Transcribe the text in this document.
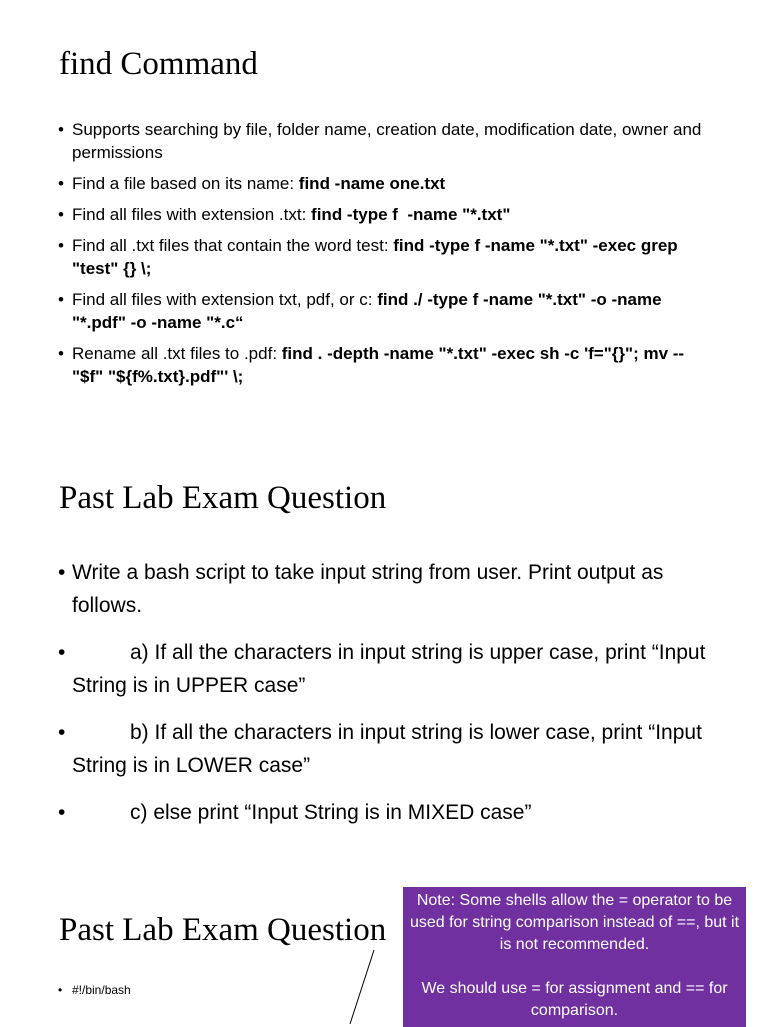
find Command
• Supports searching by file, folder name, creation date, modification date, owner and permissions
• Find a file based on its name: find -name one.txt
• Find all files with extension .txt: find -type f  -name "*.txt"
• Find all .txt files that contain the word test: find -type f -name "*.txt" -exec grep "test" {} \;
• Find all files with extension txt, pdf, or c: find ./ -type f -name "*.txt" -o -name "*.pdf" -o -name "*.c“
• Rename all .txt files to .pdf: find . -depth -name "*.txt" -exec sh -c 'f="{}"; mv -- "$f" "${f%.txt}.pdf"' \;
Past Lab Exam Question
• Write a bash script to take input string from user. Print output as follows.
•	a) If all the characters in input string is upper case, print “Input String is in UPPER case”
•	b) If all the characters in input string is lower case, print “Input String is in LOWER case”
•	c) else print “Input String is in MIXED case”
Past Lab Exam Question
• #!/bin/bash

Note: Some shells allow the = operator to be used for string comparison instead of ==, but it is not recommended.

We should use = for assignment and == for comparison.
